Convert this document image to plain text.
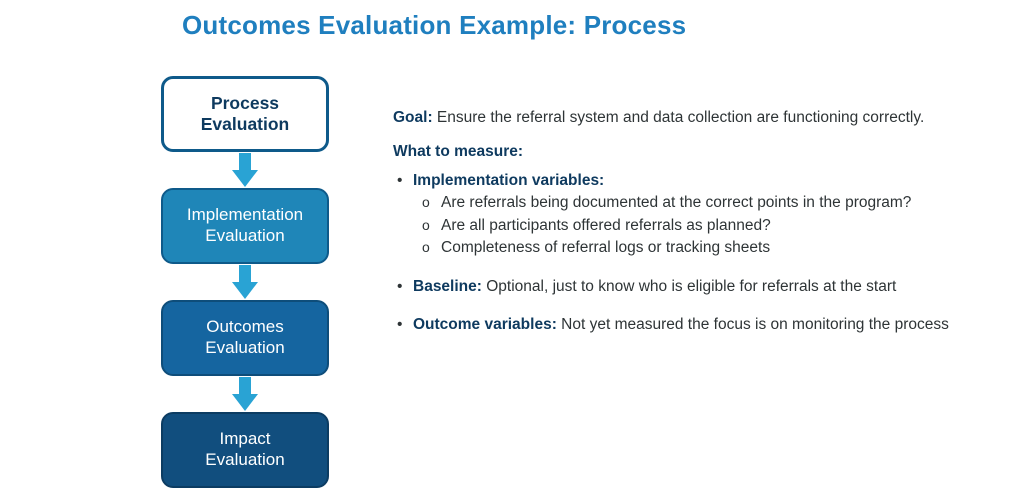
Outcomes Evaluation Example: Process
Process
Evaluation
Implementation
Evaluation
Outcomes
Evaluation
Impact
Evaluation
Goal: Ensure the referral system and data collection are functioning correctly.
What to measure:
• Implementation variables:
o Are referrals being documented at the correct points in the program?
o Are all participants offered referrals as planned?
o Completeness of referral logs or tracking sheets
• Baseline: Optional, just to know who is eligible for referrals at the start
• Outcome variables: Not yet measured the focus is on monitoring the process
